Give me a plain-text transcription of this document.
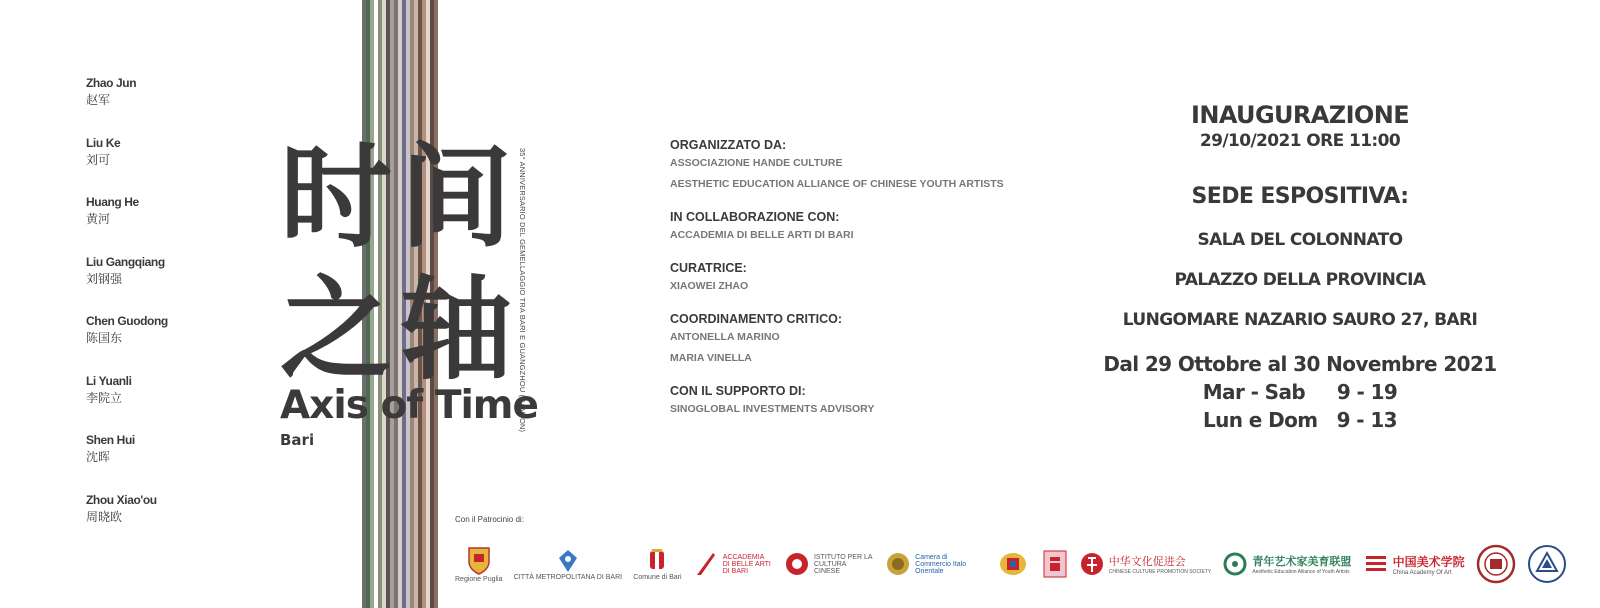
Zhao Jun
赵军
Liu Ke
刘可
Huang He
黄河
Liu Gangqiang
刘钢强
Chen Guodong
陈国东
Li Yuanli
李院立
Shen Hui
沈晖
Zhou Xiao'ou
周晓欧
时间
之轴
Axis of Time
Bari
35° ANNIVERSARIO DEL GEMELLAGGIO TRA BARI E GUANGZHOU (CANTON)
ORGANIZZATO DA:
ASSOCIAZIONE HANDE CULTURE
AESTHETIC EDUCATION ALLIANCE OF CHINESE YOUTH ARTISTS
IN COLLABORAZIONE CON:
ACCADEMIA DI BELLE ARTI DI BARI
CURATRICE:
XIAOWEI ZHAO
COORDINAMENTO CRITICO:
ANTONELLA MARINO
MARIA VINELLA
CON IL SUPPORTO DI:
SINOGLOBAL INVESTMENTS ADVISORY
INAUGURAZIONE
29/10/2021 ORE 11:00
SEDE ESPOSITIVA:
SALA DEL COLONNATO
PALAZZO DELLA PROVINCIA
LUNGOMARE NAZARIO SAURO 27, BARI
Dal 29 Ottobre al 30 Novembre 2021
Mar - Sab     9 - 19
Lun e Dom   9 - 13
Con il Patrocinio di:
Regione Puglia CITTÀ METROPOLITANA DI BARI Comune di Bari
ACCADEMIA DI BELLE ARTI DI BARI
ISTITUTO PER LA CULTURA CINESE
Camera di Commercio Italo Orientale
中华文化促进会
CHINESE CULTURE PROMOTION SOCIETY
青年艺术家美育联盟
Aesthetic Education Alliance of Youth Artists
中国美术学院
China Academy Of Art
